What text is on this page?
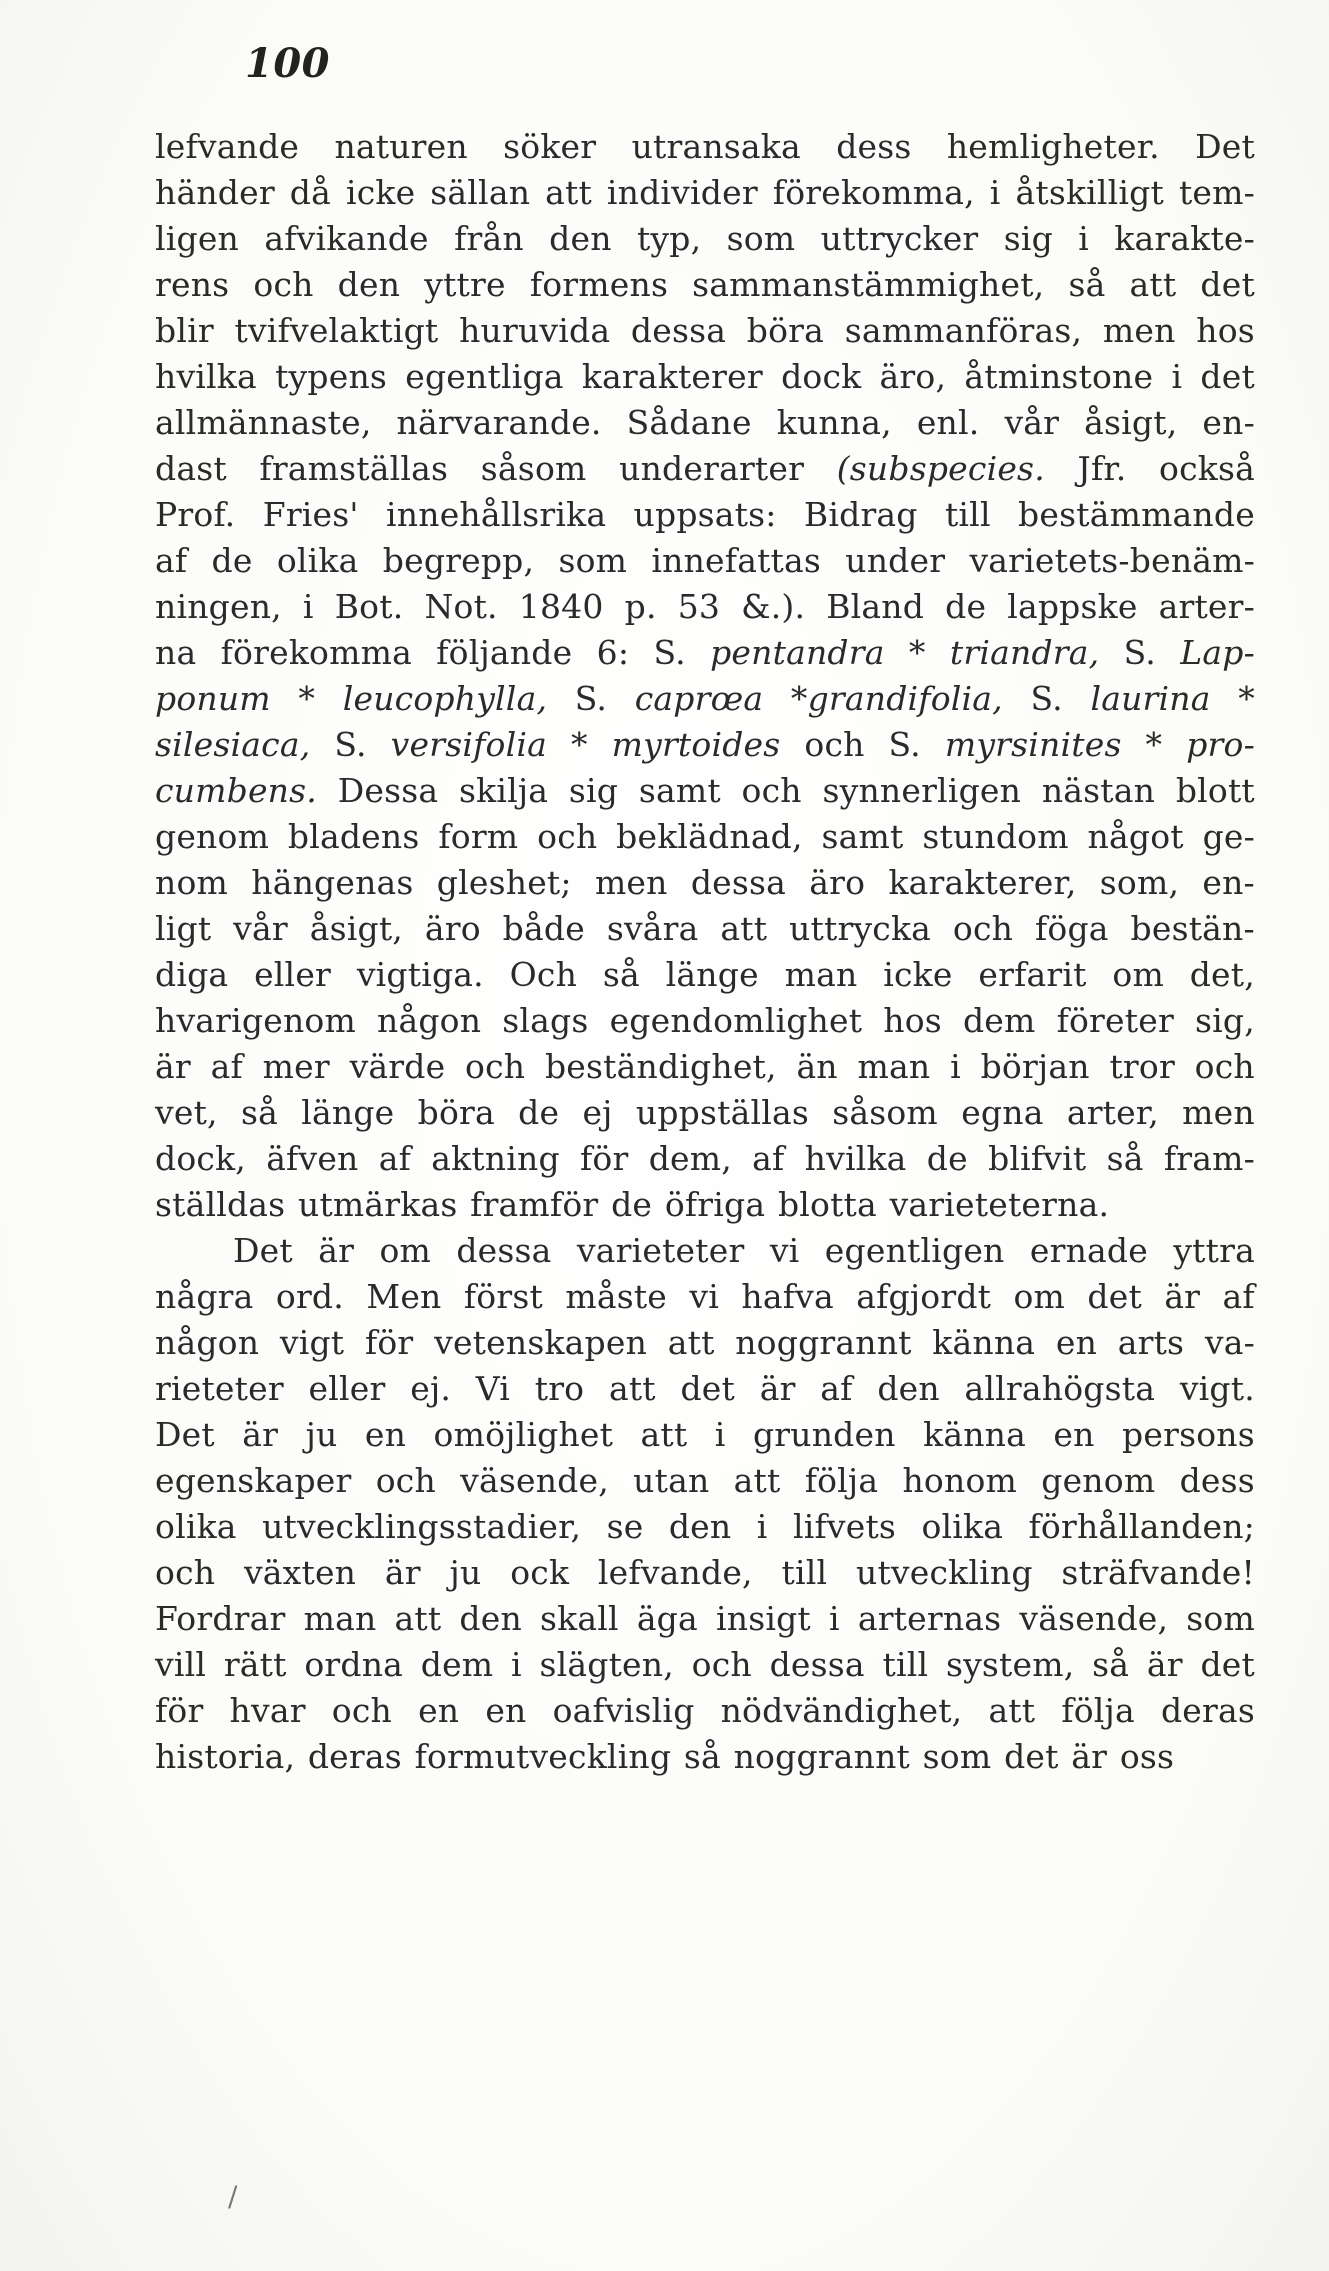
100
lefvande naturen söker utransaka dess hemligheter. Det
händer då icke sällan att individer förekomma, i åtskilligt tem-
ligen afvikande från den typ, som uttrycker sig i karakte-
rens och den yttre formens sammanstämmighet, så att det
blir tvifvelaktigt huruvida dessa böra sammanföras, men hos
hvilka typens egentliga karakterer dock äro, åtminstone i det
allmännaste, närvarande. Sådane kunna, enl. vår åsigt, en-
dast framställas såsom underarter (subspecies. Jfr. också
Prof. Fries' innehållsrika uppsats: Bidrag till bestämmande
af de olika begrepp, som innefattas under varietets-benäm-
ningen, i Bot. Not. 1840 p. 53 &.). Bland de lappske arter-
na förekomma följande 6: S. pentandra * triandra, S. Lap-
ponum * leucophylla, S. caprœa *grandifolia, S. laurina *
silesiaca, S. versifolia * myrtoides och S. myrsinites * pro-
cumbens. Dessa skilja sig samt och synnerligen nästan blott
genom bladens form och beklädnad, samt stundom något ge-
nom hängenas gleshet; men dessa äro karakterer, som, en-
ligt vår åsigt, äro både svåra att uttrycka och föga bestän-
diga eller vigtiga. Och så länge man icke erfarit om det,
hvarigenom någon slags egendomlighet hos dem företer sig,
är af mer värde och beständighet, än man i början tror och
vet, så länge böra de ej uppställas såsom egna arter, men
dock, äfven af aktning för dem, af hvilka de blifvit så fram-
ställdas utmärkas framför de öfriga blotta varieteterna.
Det är om dessa varieteter vi egentligen ernade yttra
några ord. Men först måste vi hafva afgjordt om det är af
någon vigt för vetenskapen att noggrannt känna en arts va-
rieteter eller ej. Vi tro att det är af den allrahögsta vigt.
Det är ju en omöjlighet att i grunden känna en persons
egenskaper och väsende, utan att följa honom genom dess
olika utvecklingsstadier, se den i lifvets olika förhållanden;
och växten är ju ock lefvande, till utveckling sträfvande!
Fordrar man att den skall äga insigt i arternas väsende, som
vill rätt ordna dem i slägten, och dessa till system, så är det
för hvar och en en oafvislig nödvändighet, att följa deras
historia, deras formutveckling så noggrannt som det är oss
/
